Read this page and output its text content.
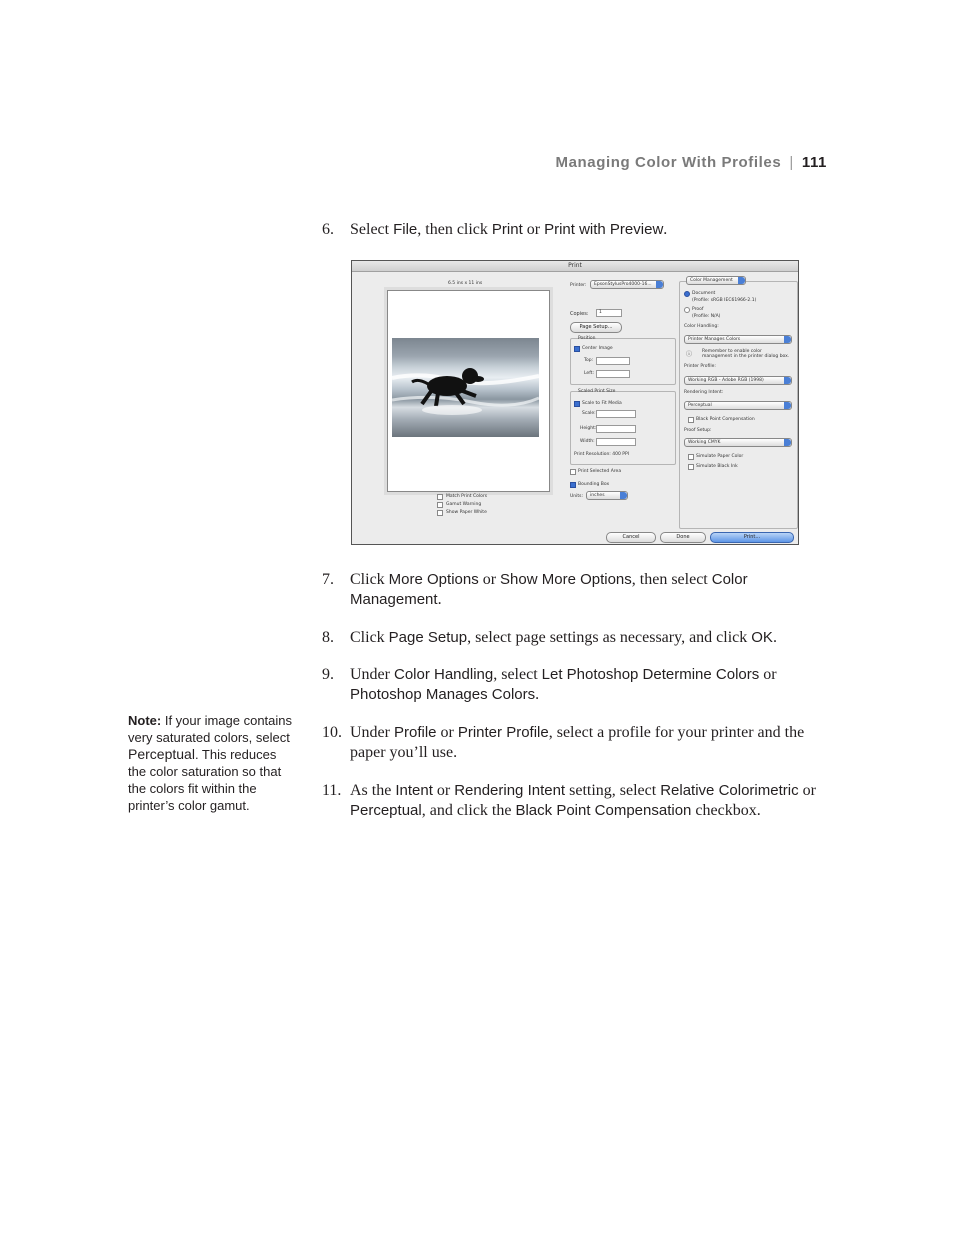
Managing Color With Profiles | 111
6. Select File, then click Print or Print with Preview.
Print
6.5 ins x 11 ins
Match Print Colors
Gamut Warning
Show Paper White
Printer: EpsonStylusPro4000-16...
Copies: 1
Page Setup...
Position
Center Image
Top:
Left:
Scaled Print Size
Scale to Fit Media
Scale:
Height:
Width:
Print Resolution: 400 PPI
Print Selected Area
Bounding Box
Units: inches
Color Management
Document
(Profile: sRGB IEC61966-2.1)
Proof
(Profile: N/A)
Color Handling:
Printer Manages Colors
ⓘ Remember to enable color management in the printer dialog box.
Printer Profile:
Working RGB - Adobe RGB (1998)
Rendering Intent:
Perceptual
Black Point Compensation
Proof Setup:
Working CMYK
Simulate Paper Color
Simulate Black Ink
Cancel	Done	Print...
7. Click More Options or Show More Options, then select Color Management.
8. Click Page Setup, select page settings as necessary, and click OK.
9. Under Color Handling, select Let Photoshop Determine Colors or Photoshop Manages Colors.
Note: If your image contains very saturated colors, select Perceptual. This reduces the color saturation so that the colors fit within the printer’s color gamut.
10. Under Profile or Printer Profile, select a profile for your printer and the paper you’ll use.
11. As the Intent or Rendering Intent setting, select Relative Colorimetric or Perceptual, and click the Black Point Compensation checkbox.
